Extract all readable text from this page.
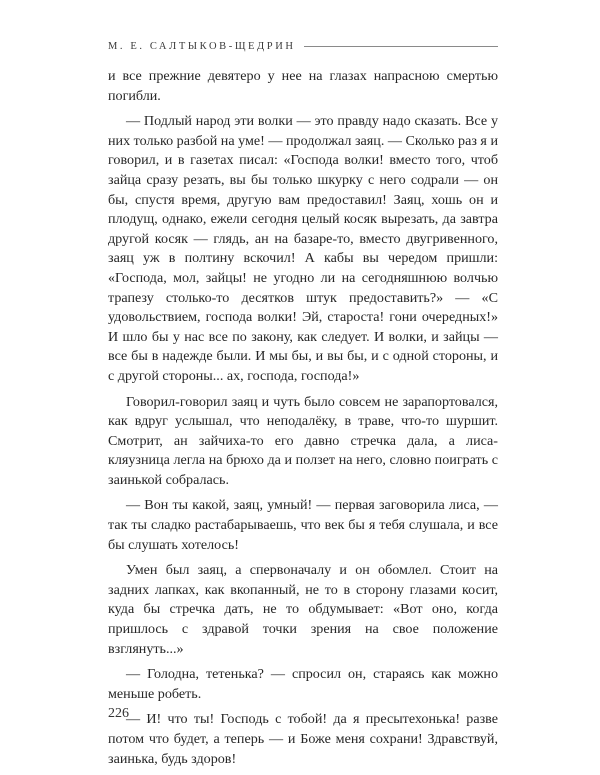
М. Е. САЛТЫКОВ-ЩЕДРИН

и все прежние девятеро у нее на глазах напрасною смертью погибли.

— Подлый народ эти волки — это правду надо сказать. Все у них только разбой на уме! — продолжал заяц. — Сколько раз я и говорил, и в газетах писал: «Господа волки! вместо того, чтоб зайца сразу резать, вы бы только шкурку с него содрали — он бы, спустя время, другую вам предоставил! Заяц, хошь он и плодущ, однако, ежели сегодня целый косяк вырезать, да завтра другой косяк — глядь, ан на базаре-то, вместо двугривенного, заяц уж в полтину вскочил! А кабы вы чередом пришли: «Господа, мол, зайцы! не угодно ли на сегодняшнюю волчью трапезу столько-то десятков штук предоставить?» — «С удовольствием, господа волки! Эй, староста! гони очередных!» И шло бы у нас все по закону, как следует. И волки, и зайцы — все бы в надежде были. И мы бы, и вы бы, и с одной стороны, и с другой стороны... ах, господа, господа!»

Говорил-говорил заяц и чуть было совсем не зарапортовался, как вдруг услышал, что неподалёку, в траве, что-то шуршит. Смотрит, ан зайчиха-то его давно стречка дала, а лиса-кляузница легла на брюхо да и ползет на него, словно поиграть с заинькой собралась.

— Вон ты какой, заяц, умный! — первая заговорила лиса, — так ты сладко растабарываешь, что век бы я тебя слушала, и все бы слушать хотелось!

Умен был заяц, а спервоначалу и он обомлел. Стоит на задних лапках, как вкопанный, не то в сторону глазами косит, куда бы стречка дать, не то обдумывает: «Вот оно, когда пришлось с здравой точки зрения на свое положение взглянуть...»

— Голодна, тетенька? — спросил он, стараясь как можно меньше робеть.

— И! что ты! Господь с тобой! да я пресытехонька! разве потом что будет, а теперь — и Боже меня сохрани! Здравствуй, заинька, будь здоров!

226
